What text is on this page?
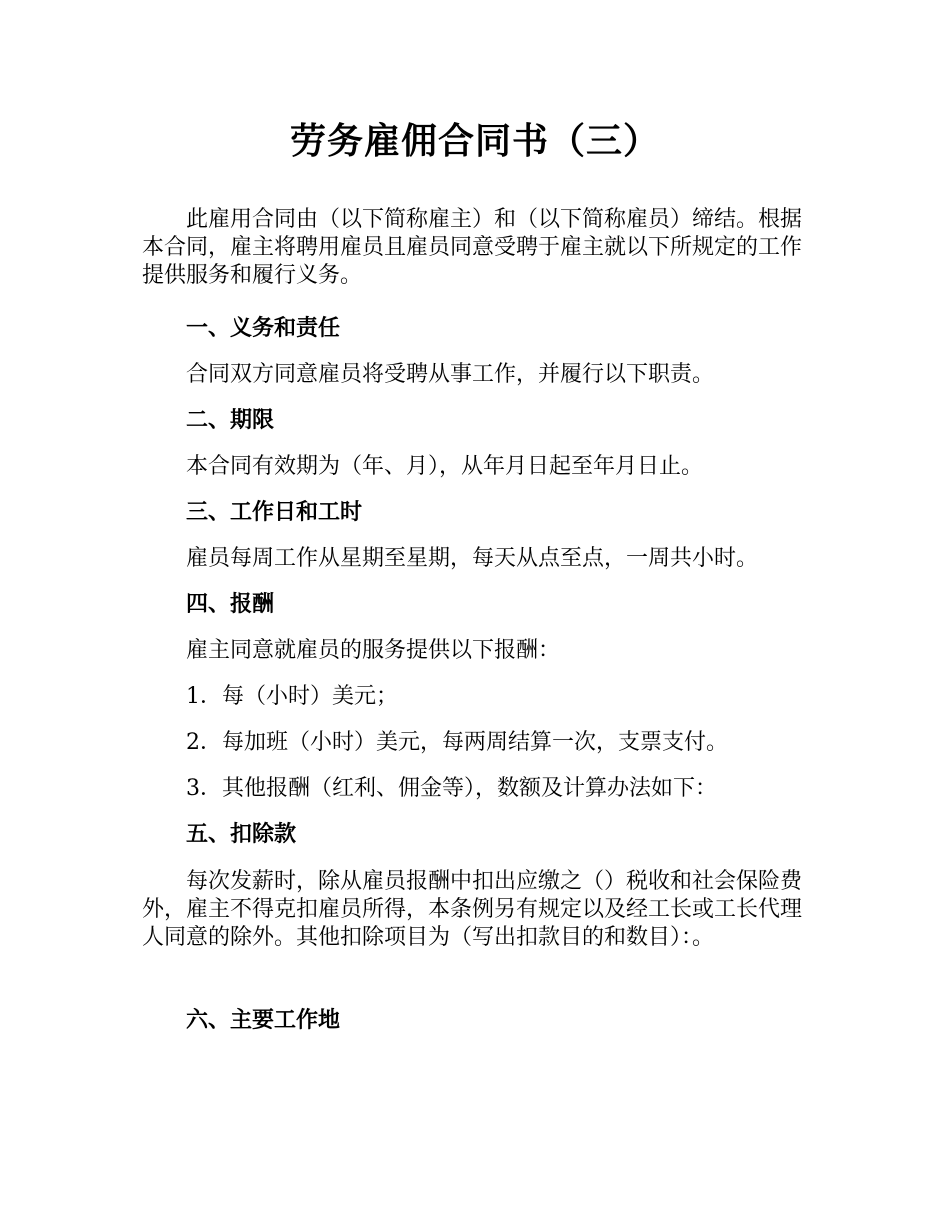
劳务雇佣合同书（三）

此雇用合同由（以下简称雇主）和（以下简称雇员）缔结。根据本合同，雇主将聘用雇员且雇员同意受聘于雇主就以下所规定的工作提供服务和履行义务。

一、义务和责任
合同双方同意雇员将受聘从事工作，并履行以下职责。
二、期限
本合同有效期为（年、月），从年月日起至年月日止。
三、工作日和工时
雇员每周工作从星期至星期，每天从点至点，一周共小时。
四、报酬
雇主同意就雇员的服务提供以下报酬：
1．每（小时）美元；
2．每加班（小时）美元，每两周结算一次，支票支付。
3．其他报酬（红利、佣金等），数额及计算办法如下：
五、扣除款

每次发薪时，除从雇员报酬中扣出应缴之（）税收和社会保险费外，雇主不得克扣雇员所得，本条例另有规定以及经工长或工长代理人同意的除外。其他扣除项目为（写出扣款目的和数目）：。

六、主要工作地
